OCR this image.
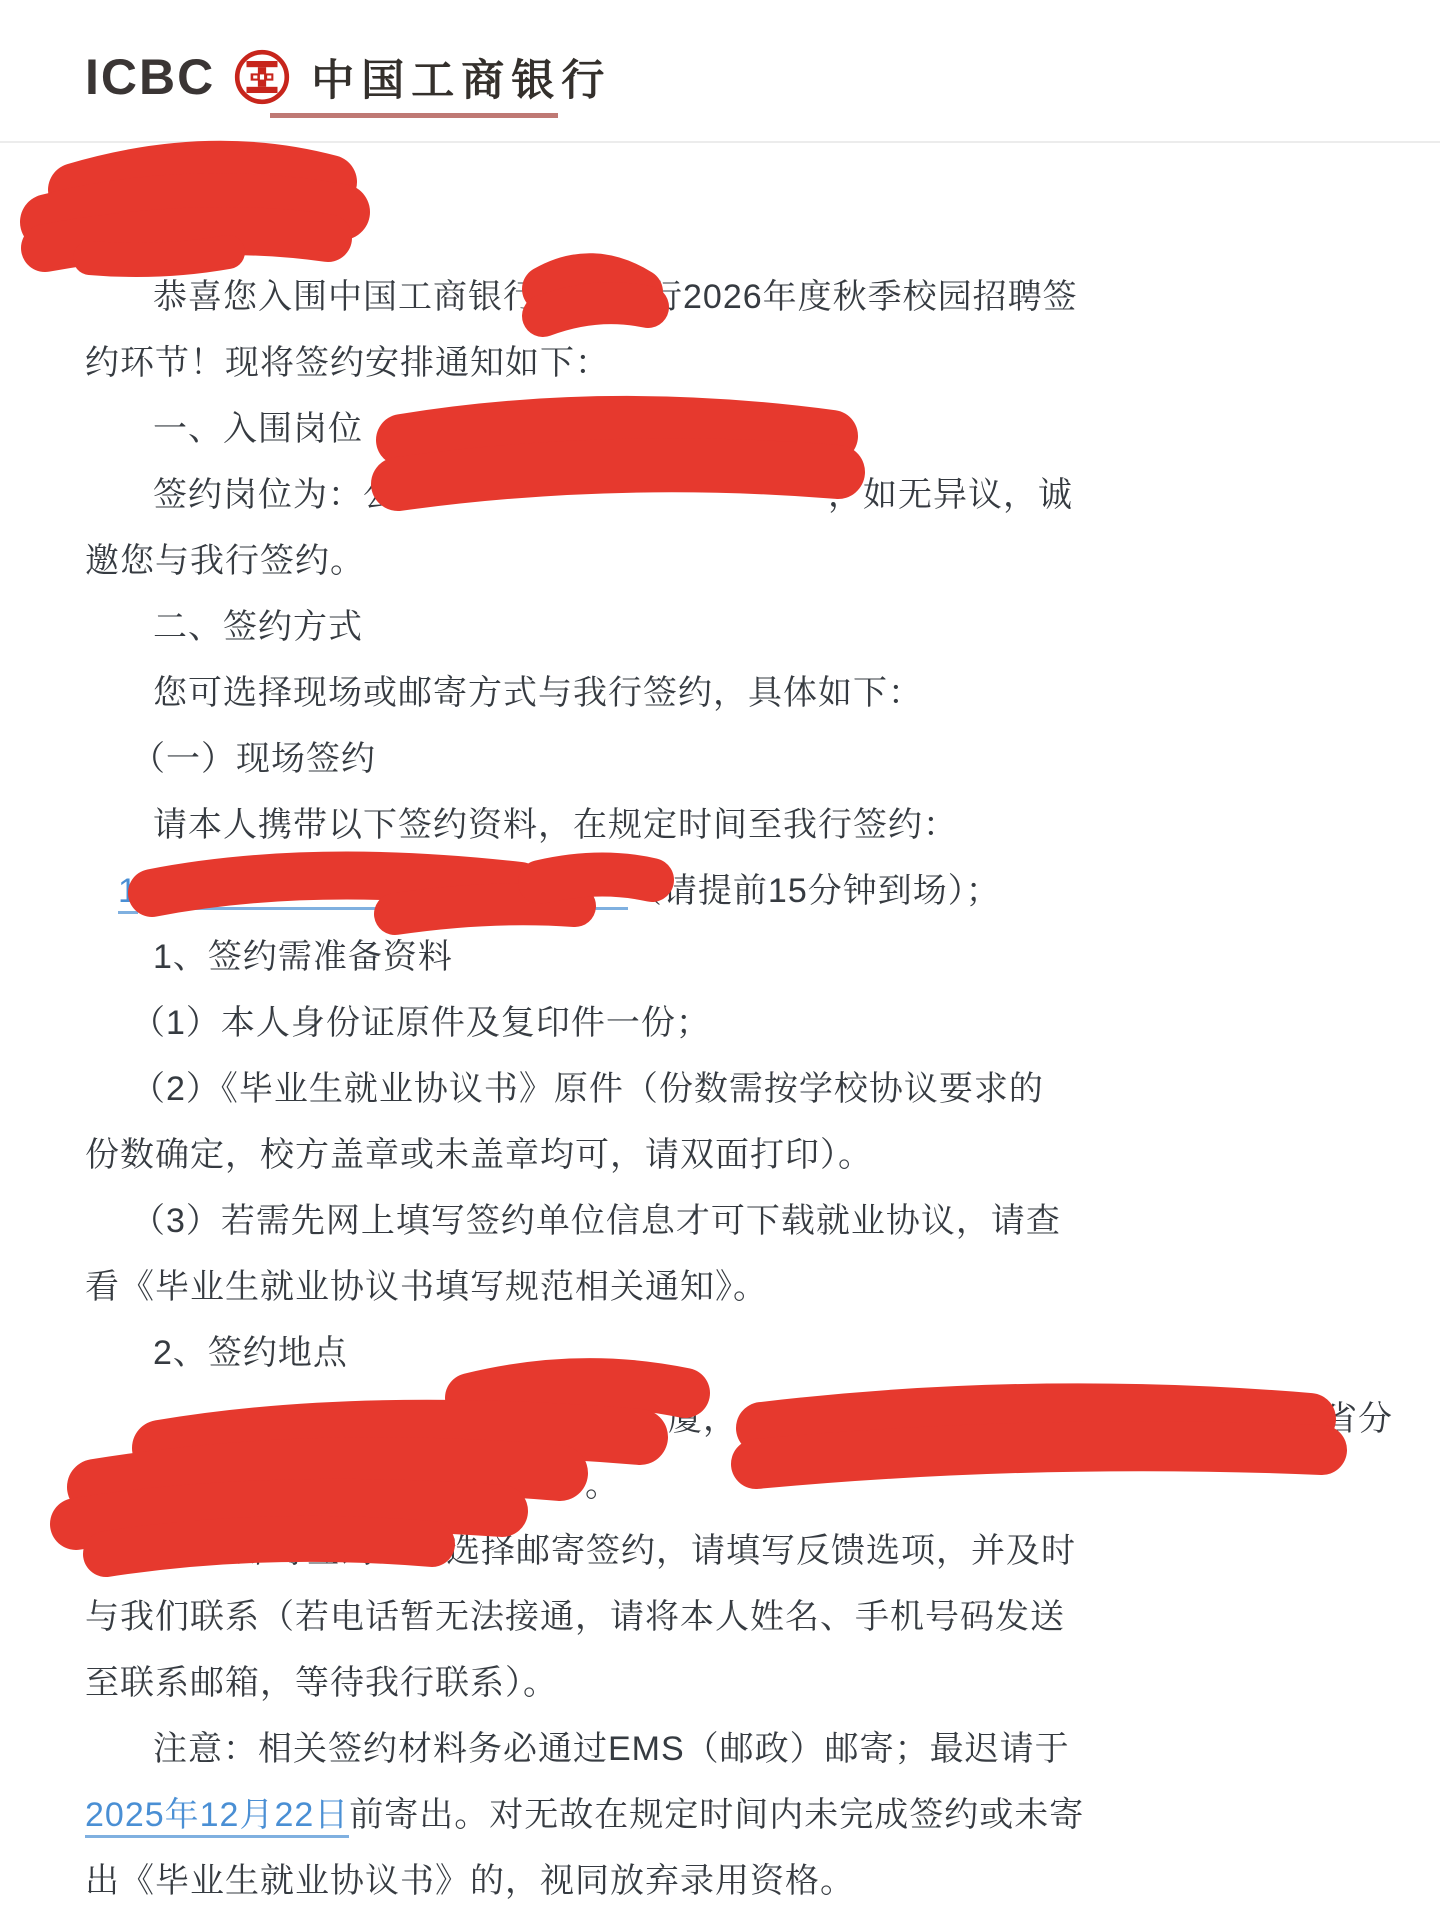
ICBC 中国工商银行
恭喜您入围中国工商银行	行2026年度秋季校园招聘签
约环节！现将签约安排通知如下：
一、入围岗位
签约岗位为：公	，如无异议，诚
邀您与我行签约。
二、签约方式
您可选择现场或邮寄方式与我行签约，具体如下：
（一）现场签约
请本人携带以下签约资料，在规定时间至我行签约：
1	（请提前15分钟到场）；
1、签约需准备资料
（1）本人身份证原件及复印件一份；
（2）《毕业生就业协议书》原件（份数需按学校协议要求的
份数确定，校方盖章或未盖章均可，请双面打印）。
（3）若需先网上填写签约单位信息才可下载就业协议，请查
看《毕业生就业协议书填写规范相关通知》。
2、签约地点
大厦，	省分
。
（二）邮寄签约：如选择邮寄签约，请填写反馈选项，并及时
与我们联系（若电话暂无法接通，请将本人姓名、手机号码发送
至联系邮箱，等待我行联系）。
注意：相关签约材料务必通过EMS（邮政）邮寄；最迟请于
2025年12月22日前寄出。对无故在规定时间内未完成签约或未寄
出《毕业生就业协议书》的，视同放弃录用资格。
